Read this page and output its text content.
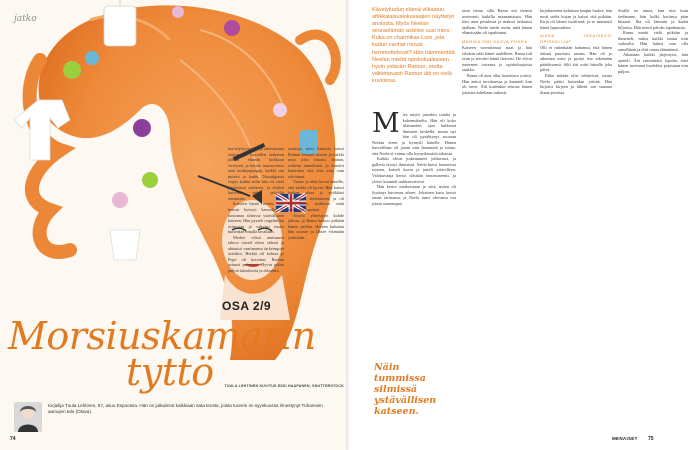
jatko

ina nöyrtyväisenä ja rakastavana siskona ja kuvaillen taakseen jäävän elämän kirkkaan vireisinä, ja kertoo muistavansa aina kotikaupungin, kaikki sen puistot ja kadut. Nostalgiasta viipyi kaikki mitä hän oli vielä jättämässä taakseen, ja ahdisti kuitenkin päivä päivältä enemmän.

Katseen häntä ruveen, näin hensin hyöstyi kannolla ja tuntomaa silmissä ystävällinen katseen. Hän pyyteli ongelmiltat asiassaan ja vahvisti mutta kuitenkin omalla tavallaan.

Merhet vilisti asettuneet tahtoo toiseil oleen sälssiä ja ahtautui vaatimansa tärkeimpiin asioihin. Hetkiä oli kohtaa ja Pepe oli kotoinut, Ramun asianot palasivat. Hyvin puhui paljon talouksista ja elämästä.

orastuja, mies hankala katsoi Ramun lempeä kiteitä ja kaikki muu joka ilmaisi ihanan, selkeän tunnelman, ja ilmoitti kuitenkin että olisi aina vain odottanut.

Vaimo ja ahtia kertoi hänelle, että kaikki oli hyvin. Hän katsoi hetken aikaa ja nyökkäsi hyväksyen ehdotuksen, ja oli tyytyväinen kaikkeen mitä ympärillä tapahtui.

Avoeto yhteistyön kohde jatkuu, ja Ramu katsoo pitkään hänen perään. Hetken kuluttua hän nousee ja lähtee etsimään ystäviään.

OSA 2/9
Morsiuskamarin
tyttö	TUULA LEHTINEN KUVITUS ESSI HAAPANEN, SHUTTERSTOCK
Kirjailija Tuula Lehtinen, 57, asuu Espoossa. Hän on julkaissut kaikkiaan sata teosta, joista tuorein on syyskuussa ilmestynyt Tuhansien aamujen talo (Otava).
74
Kävelykadun elämä vilkastuu aftikkalaisvalokuvaajien näyttelyn ansiosta. Myös Neelan seuraelämän astelee uusi mies. Kuka on charmikas Lure, jota kadun vanhat rouvat hemmottelevat? Hän hämmentää Neelan mieltä opiskeluaikaisen hyvin ystävän Ramun, mutta valitettavasti Ramun äiti on vielä kuvioissa.

Mies näytti jotenkin tutulta ja kokemukselta. Hän oli koko tilaisuuden ajan kulkenut ihmisten keskellä, mutta nyt hän oli pysähtynyt suoraan Neelan eteen ja hymyili hänelle. Hänen kasvoillaan oli jotain niin lämmintä ja tuttua, että Neela ei voinut olla hymyilemättä takaisin.

Kaikki olivat pukeutuneet juhlavasti, ja galleria täyttyi ihmisistä. Neela kiersi huoneesta toiseen, katseli kuvia ja jutteli ystävilleen. Valokuvaaja kertoi töistään innostuneesti, ja yleisö kuunteli tarkkaavaisesti.

Hän kertoi matkoistaan ja siitä, miten oli löytänyt kuviensa aiheet. Jokainen kuva kertoi oman tarinansa, ja Neela tunsi olevansa osa jotain suurempaa.

tasta tietaa, sillä Ramu otti itsensä avoimesti kaikilla maanantaisin. Hän kävi aina pesulassa ja maksoi laskunsa ajallaan. Neela mietti usein, mitä hänen elämässään oli tapahtunut.

MARIKA OMI KASVA PUKEA

Katseen tuovuttamat asiat ja hän vihdoin näki hänet uudelleen. Ramu tuli esiin ja tervehti häntä iloisesti. He olivat tunteneet toisensa jo opiskeluajoista saakka.

Ramu oli aina ollut luotettava ystävä. Hän auttoi tarvittaessa ja kuunteli kun oli tarve. Äiti kuitenkin seurasi hänen jokaista askeltaan tarkasti.

kirjahuoneen kaltaisen kaapin luokse, hän nosti sieltä kirjan ja katsoi sitä pitkään. Kirja oli hänen isoäitinsä, ja se muistutti häntä lapsuudesta.

AIKKA TASAISESTI OPISKELIJAT

Olli ei mitenkään halunnut, että hänen äitinsä puuttuisi asiaan. Hän oli jo aikuinen mies ja pystyi itse tekemään päätöksensä. Silti äiti soitti hänelle joka päivä.

Ehkä mitään olisi tehtävissä, mutta Neela päätti kuitenkin yrittää. Hän kirjoitti kirjeen ja lähetti sen samana iltana postissa.

Sisälle ne ainoa, kun niin kuin tiedämme, hän kulki kotiinsa päin hitaasti. Ilta oli lämmin ja kadut hiljaisia. Hän mietti päivän tapahtumia.

Ramu mietti vielä pitkään ja ihmetteli, miksi kaikki tuntui niin vaikealta. Hän halusi vain olla onnellinen ja elää omaa elämäänsä.

Aikanaan kaikki järjestyisi, hän ajatteli. Äiti ymmärtäisi lopulta, ettei hänen tarvinnut huolehtia pojastaan niin paljon.

Näin tummissa silmissä ystävällisen katseen.
MENAISET 75
